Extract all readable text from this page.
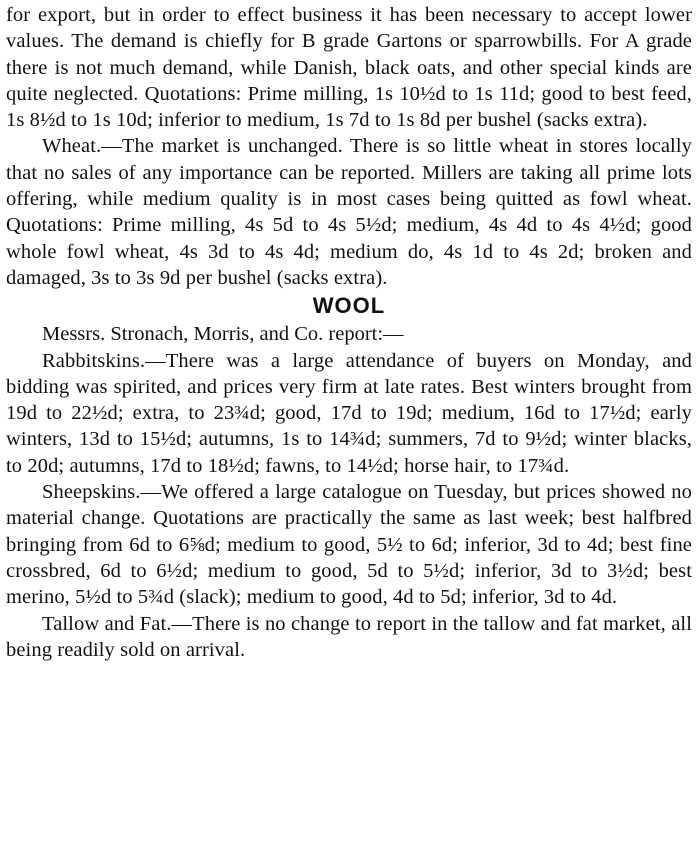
for export, but in order to effect business it has been necessary to accept lower values. The demand is chiefly for B grade Gartons or sparrowbills. For A grade there is not much demand, while Danish, black oats, and other special kinds are quite neglected. Quotations: Prime milling, 1s 10½d to 1s 11d; good to best feed, 1s 8½d to 1s 10d; inferior to medium, 1s 7d to 1s 8d per bushel (sacks extra).

Wheat.—The market is unchanged. There is so little wheat in stores locally that no sales of any importance can be reported. Millers are taking all prime lots offering, while medium quality is in most cases being quitted as fowl wheat. Quotations: Prime milling, 4s 5d to 4s 5½d; medium, 4s 4d to 4s 4½d; good whole fowl wheat, 4s 3d to 4s 4d; medium do, 4s 1d to 4s 2d; broken and damaged, 3s to 3s 9d per bushel (sacks extra).

WOOL

Messrs. Stronach, Morris, and Co. report:—

Rabbitskins.—There was a large attendance of buyers on Monday, and bidding was spirited, and prices very firm at late rates. Best winters brought from 19d to 22½d; extra, to 23¾d; good, 17d to 19d; medium, 16d to 17½d; early winters, 13d to 15½d; autumns, 1s to 14¾d; summers, 7d to 9½d; winter blacks, to 20d; autumns, 17d to 18½d; fawns, to 14½d; horse hair, to 17¾d.

Sheepskins.—We offered a large catalogue on Tuesday, but prices showed no material change. Quotations are practically the same as last week; best halfbred bringing from 6d to 6⅝d; medium to good, 5½ to 6d; inferior, 3d to 4d; best fine crossbred, 6d to 6½d; medium to good, 5d to 5½d; inferior, 3d to 3½d; best merino, 5½d to 5¾d (slack); medium to good, 4d to 5d; inferior, 3d to 4d.

Tallow and Fat.—There is no change to report in the tallow and fat market, all being readily sold on arrival.
